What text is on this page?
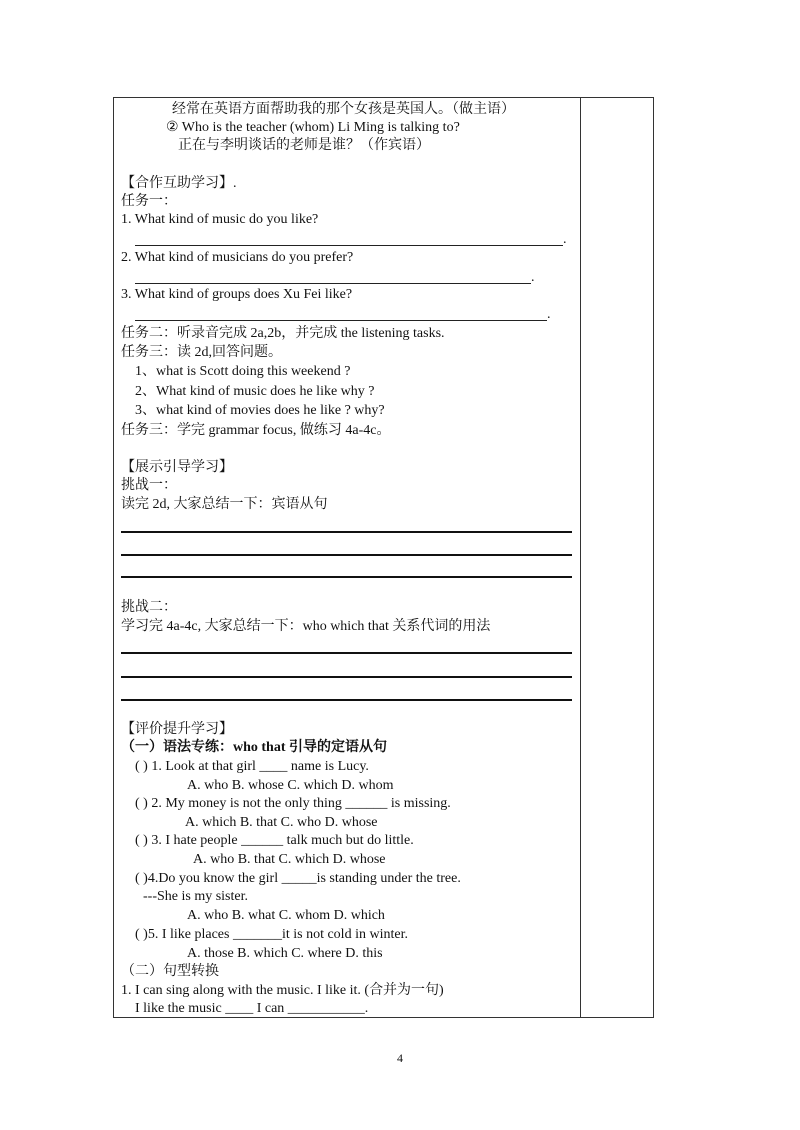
经常在英语方面帮助我的那个女孩是英国人。（做主语）
② Who is the teacher (whom) Li Ming is talking to?
正在与李明谈话的老师是谁？（作宾语）
【合作互助学习】.
任务一：
1. What kind of music do you like?
.
2. What kind of musicians do you prefer?
.
3. What kind of groups does Xu Fei like?
.
任务二：听录音完成 2a,2b，并完成 the listening tasks.
任务三：读 2d,回答问题。
1、what is Scott doing this weekend ?
2、What kind of music does he like why ?
3、what kind of movies does he like ? why?
任务三：学完 grammar focus, 做练习 4a-4c。
【展示引导学习】
挑战一：
读完 2d, 大家总结一下：宾语从句
挑战二：
学习完 4a-4c, 大家总结一下：who which that 关系代词的用法
【评价提升学习】
（一）语法专练：who that 引导的定语从句
( ) 1. Look at that girl ____ name is Lucy.
A. who B. whose C. which D. whom
( ) 2. My money is not the only thing ______ is missing.
A. which B. that C. who D. whose
( ) 3. I hate people ______ talk much but do little.
A. who B. that C. which D. whose
( )4.Do you know the girl _____is standing under the tree.
---She is my sister.
A. who B. what C. whom D. which
( )5. I like places _______it is not cold in winter.
A. those B. which C. where D. this
（二）句型转换
1. I can sing along with the music. I like it. (合并为一句)
I like the music ____ I can ___________.
4
